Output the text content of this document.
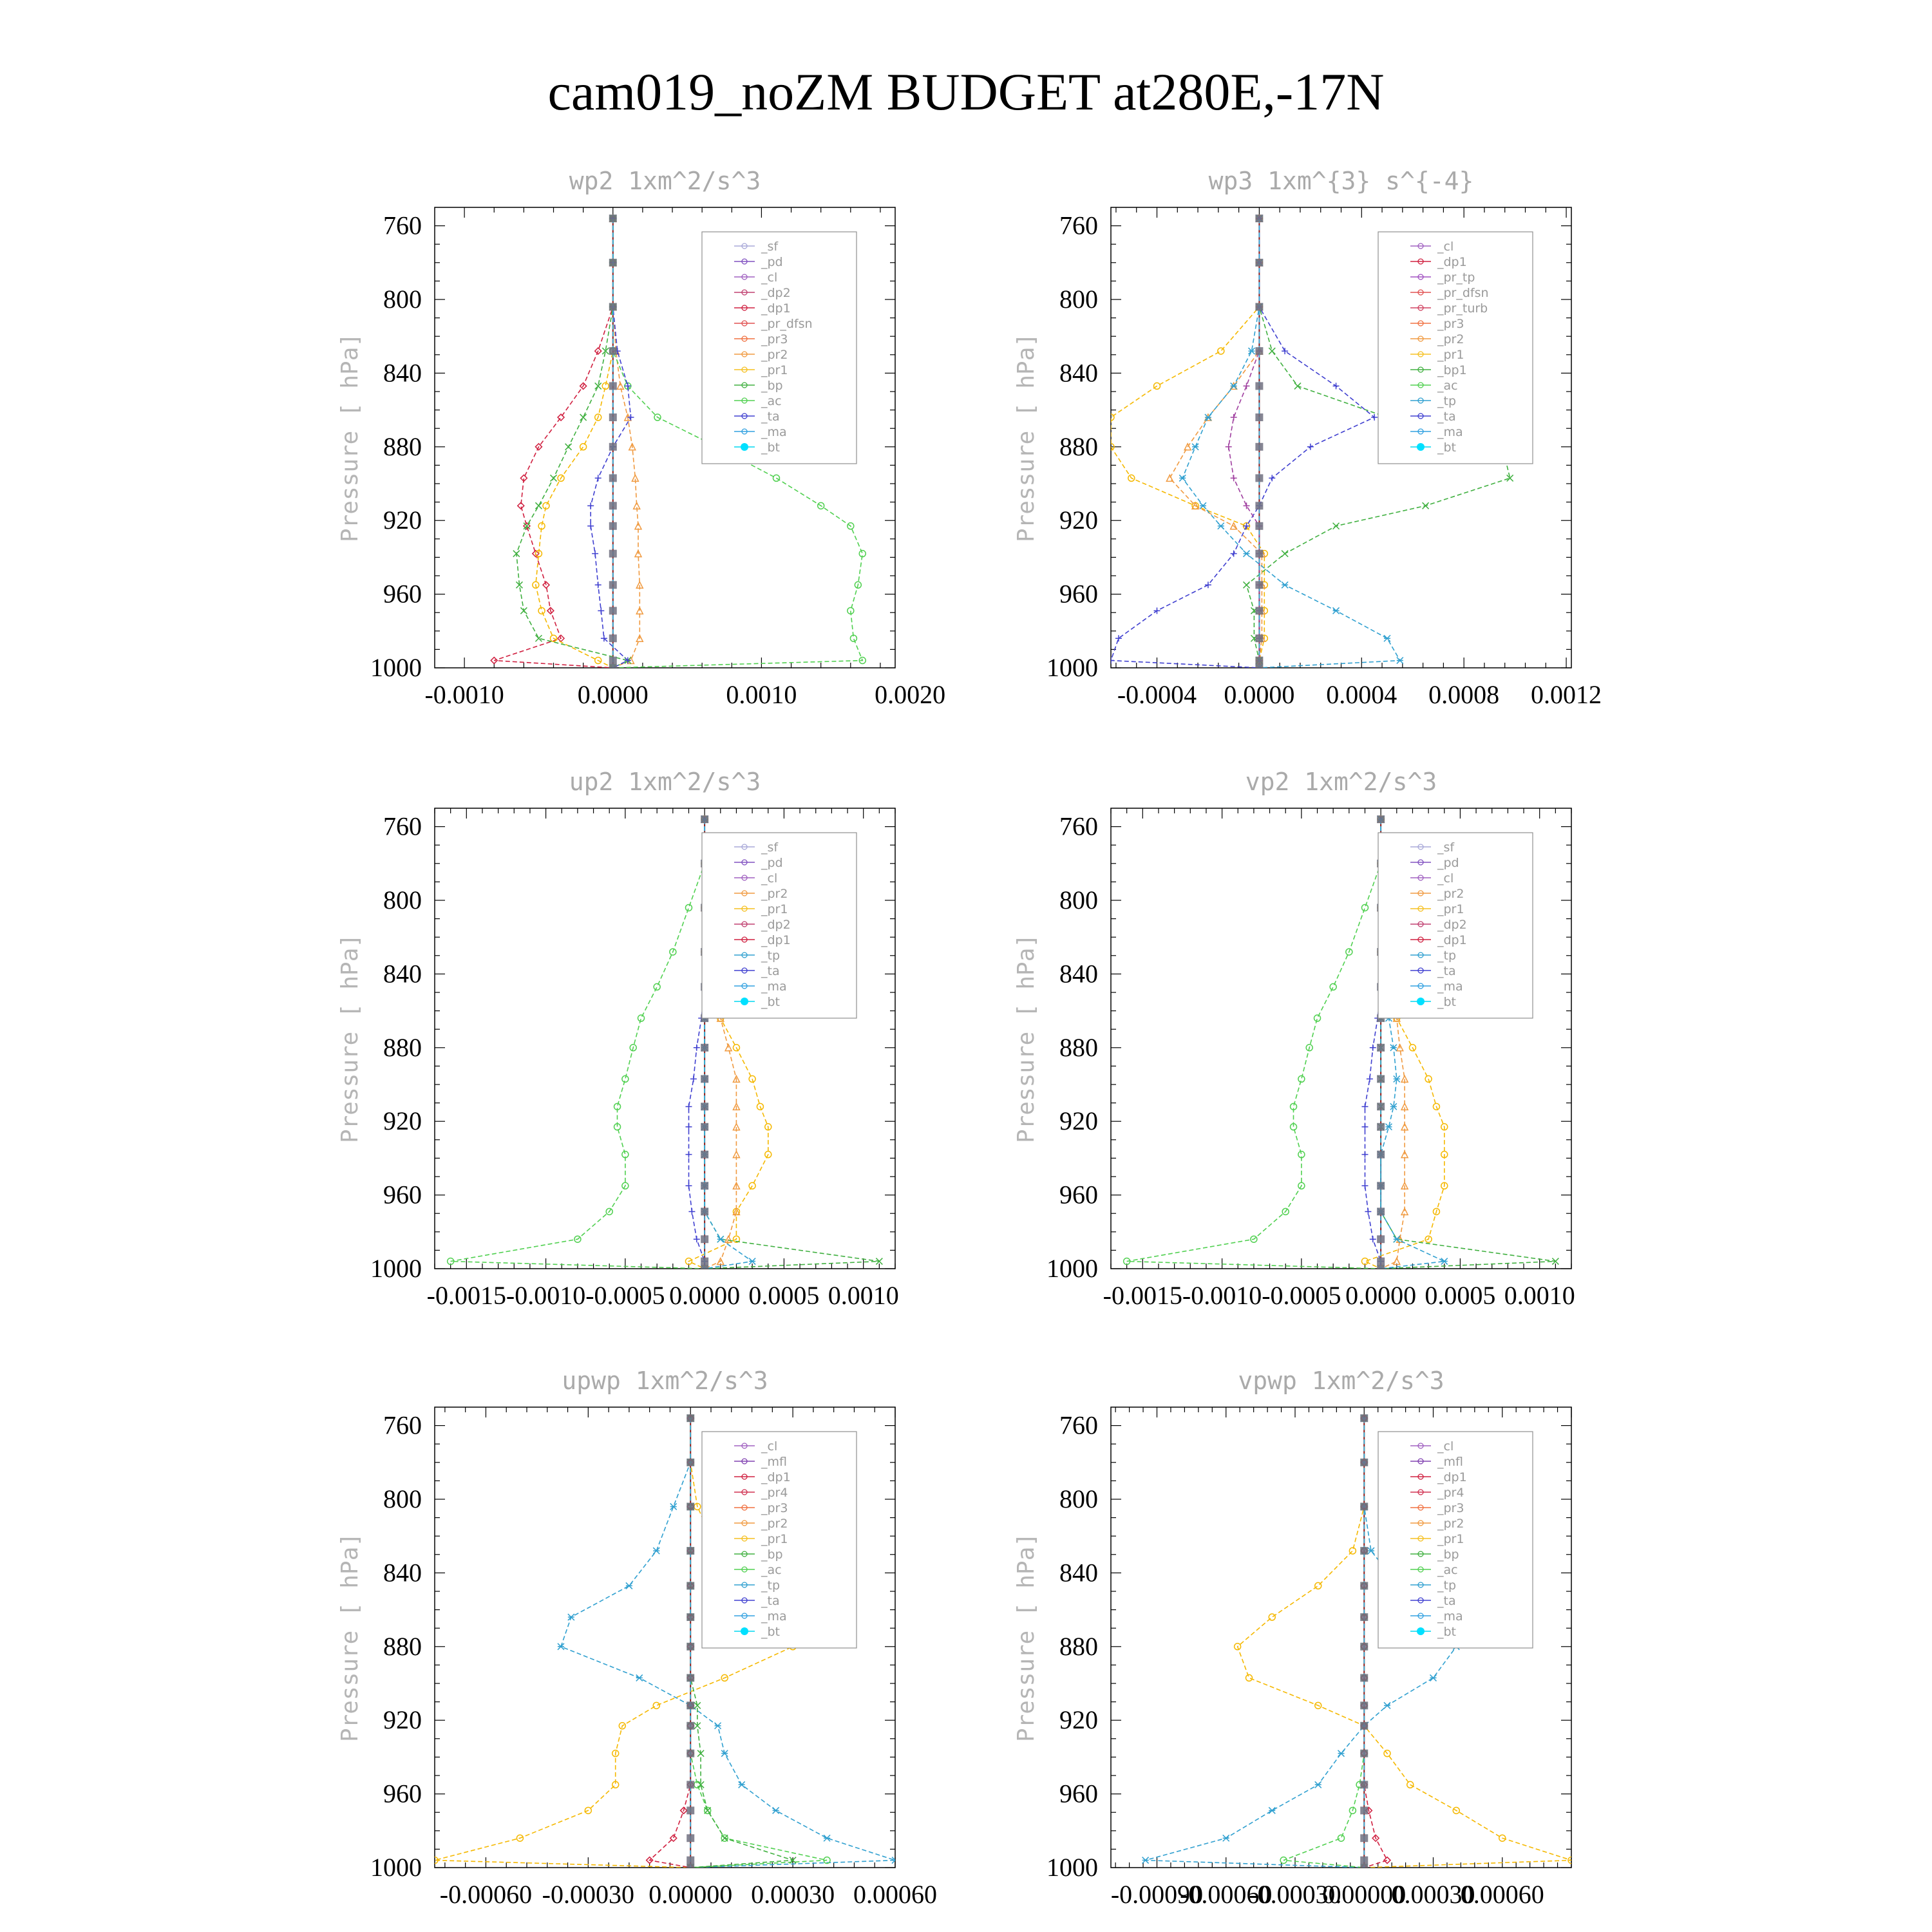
cam019_noZM BUDGET at280E,-17N
wp2 1xm^2/s^3
Pressure [ hPa]
760
800
840
880
920
960
1000
-0.0010	0.0000	0.0010	0.0020
_sf
_pd
_cl
_dp2
_dp1
_pr_dfsn
_pr3
_pr2
_pr1
_bp
_ac
_ta
_ma
_bt
wp3 1xm^{3} s^{-4}
Pressure [ hPa]
760
800
840
880
920
960
1000
-0.0004 0.0000 0.0004 0.0008 0.0012
_cl
_dp1
_pr_tp
_pr_dfsn
_pr_turb
_pr3
_pr2
_pr1
_bp1
_ac
_tp
_ta
_ma
_bt
up2 1xm^2/s^3
Pressure [ hPa]
760
800
840
880
920
960
1000
-0.0015 -0.0010 -0.0005 0.0000 0.0005 0.0010
_sf
_pd
_cl
_pr2
_pr1
_dp2
_dp1
_tp
_ta
_ma
_bt
vp2 1xm^2/s^3
Pressure [ hPa]
760
800
840
880
920
960
1000
-0.0015 -0.0010 -0.0005 0.0000 0.0005 0.0010
_sf
_pd
_cl
_pr2
_pr1
_dp2
_dp1
_tp
_ta
_ma
_bt
upwp 1xm^2/s^3
Pressure [ hPa]
760
800
840
880
920
960
1000
-0.00060 -0.00030 0.00000 0.00030 0.00060
_cl
_mfl
_dp1
_pr4
_pr3
_pr2
_pr1
_bp
_ac
_tp
_ta
_ma
_bt
vpwp 1xm^2/s^3
Pressure [ hPa]
760
800
840
880
920
960
1000
-0.00090
-0.00060
-0.00030
0.00000
0.00030
0.00060
_cl
_mfl
_dp1
_pr4
_pr3
_pr2
_pr1
_bp
_ac
_tp
_ta
_ma
_bt
